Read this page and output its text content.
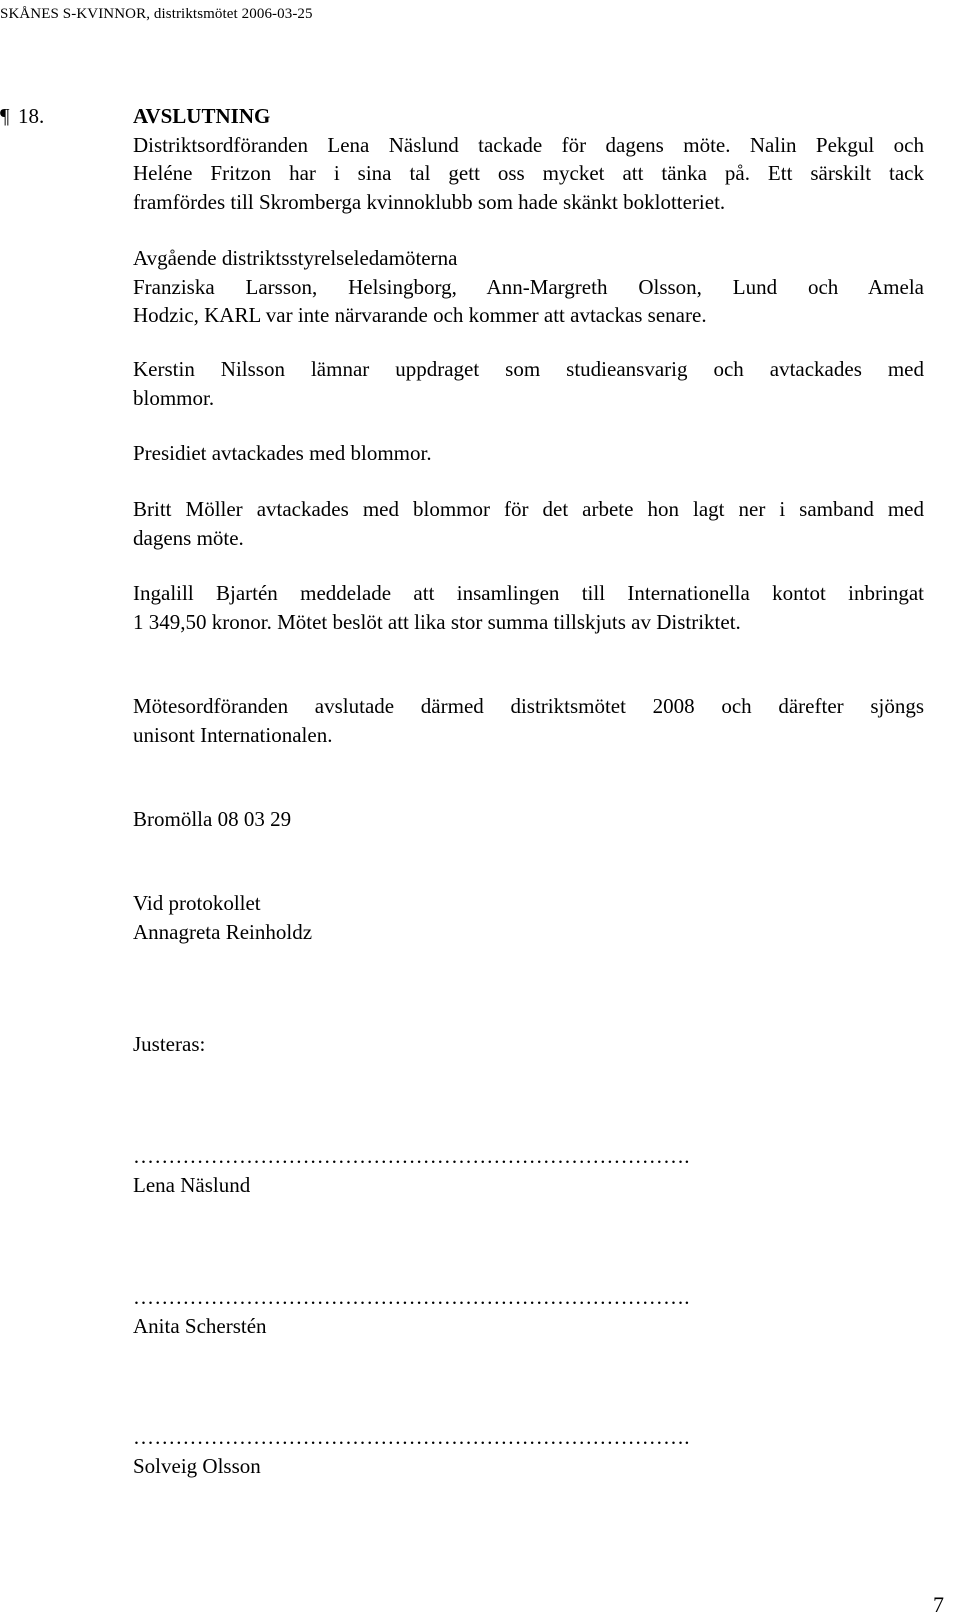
SKÅNES S-KVINNOR, distriktsmötet 2006-03-25
¶ 18.	AVSLUTNING

Distriktsordföranden Lena Näslund tackade för dagens möte. Nalin Pekgul och

Heléne Fritzon har i sina tal gett oss mycket att tänka på. Ett särskilt tack

framfördes till Skromberga kvinnoklubb som hade skänkt boklotteriet.

Avgående distriktsstyrelseledamöterna

Franziska Larsson, Helsingborg, Ann-Margreth Olsson, Lund och Amela

Hodzic, KARL var inte närvarande och kommer att avtackas senare.

Kerstin Nilsson lämnar uppdraget som studieansvarig och avtackades med

blommor.

Presidiet avtackades med blommor.

Britt Möller avtackades med blommor för det arbete hon lagt ner i samband med

dagens möte.

Ingalill Bjartén meddelade att insamlingen till Internationella kontot inbringat

1 349,50 kronor. Mötet beslöt att lika stor summa tillskjuts av Distriktet.

Mötesordföranden avslutade därmed distriktsmötet 2008 och därefter sjöngs

unisont Internationalen.

Bromölla 08 03 29

Vid protokollet

Annagreta Reinholdz

Justeras:

…………………………………………………………………….

Lena Näslund

…………………………………………………………………….

Anita Scherstén

…………………………………………………………………….

Solveig Olsson

7
